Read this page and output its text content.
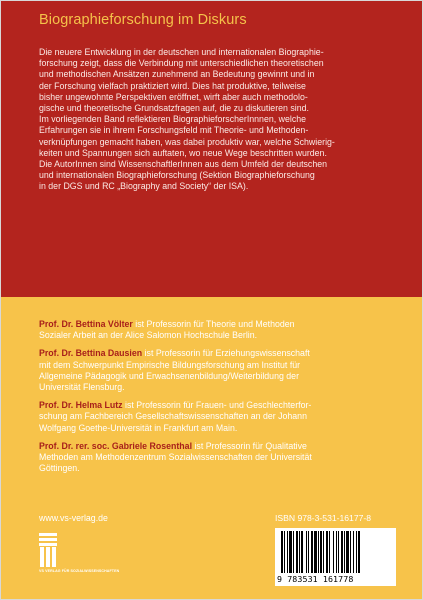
Biographieforschung im Diskurs

Die neuere Entwicklung in der deutschen und internationalen Biographie-
forschung zeigt, dass die Verbindung mit unterschiedlichen theoretischen
und methodischen Ansätzen zunehmend an Bedeutung gewinnt und in
der Forschung vielfach praktiziert wird. Dies hat produktive, teilweise
bisher ungewohnte Perspektiven eröffnet, wirft aber auch methodolo-
gische und theoretische Grundsatzfragen auf, die zu diskutieren sind.
Im vorliegenden Band reflektieren BiographieforscherInnnen, welche
Erfahrungen sie in ihrem Forschungsfeld mit Theorie- und Methoden-
verknüpfungen gemacht haben, was dabei produktiv war, welche Schwierig-
keiten und Spannungen sich auftaten, wo neue Wege beschritten wurden.
Die AutorInnen sind WissenschaftlerInnen aus dem Umfeld der deutschen
und internationalen Biographieforschung (Sektion Biographieforschung
in der DGS und RC „Biography and Society“ der ISA).

Prof. Dr. Bettina Völter ist Professorin für Theorie und Methoden
Sozialer Arbeit an der Alice Salomon Hochschule Berlin.

Prof. Dr. Bettina Dausien ist Professorin für Erziehungswissenschaft
mit dem Schwerpunkt Empirische Bildungsforschung am Institut für
Allgemeine Pädagogik und Erwachsenenbildung/Weiterbildung der
Universität Flensburg.

Prof. Dr. Helma Lutz ist Professorin für Frauen- und Geschlechterfor-
schung am Fachbereich Gesellschaftswissenschaften an der Johann
Wolfgang Goethe-Universität in Frankfurt am Main.

Prof. Dr. rer. soc. Gabriele Rosenthal ist Professorin für Qualitative
Methoden am Methodenzentrum Sozialwissenschaften der Universität
Göttingen.

www.vs-verlag.de
VS VERLAG FÜR SOZIALWISSENSCHAFTEN
ISBN 978-3-531-16177-8
9 783531 161778
